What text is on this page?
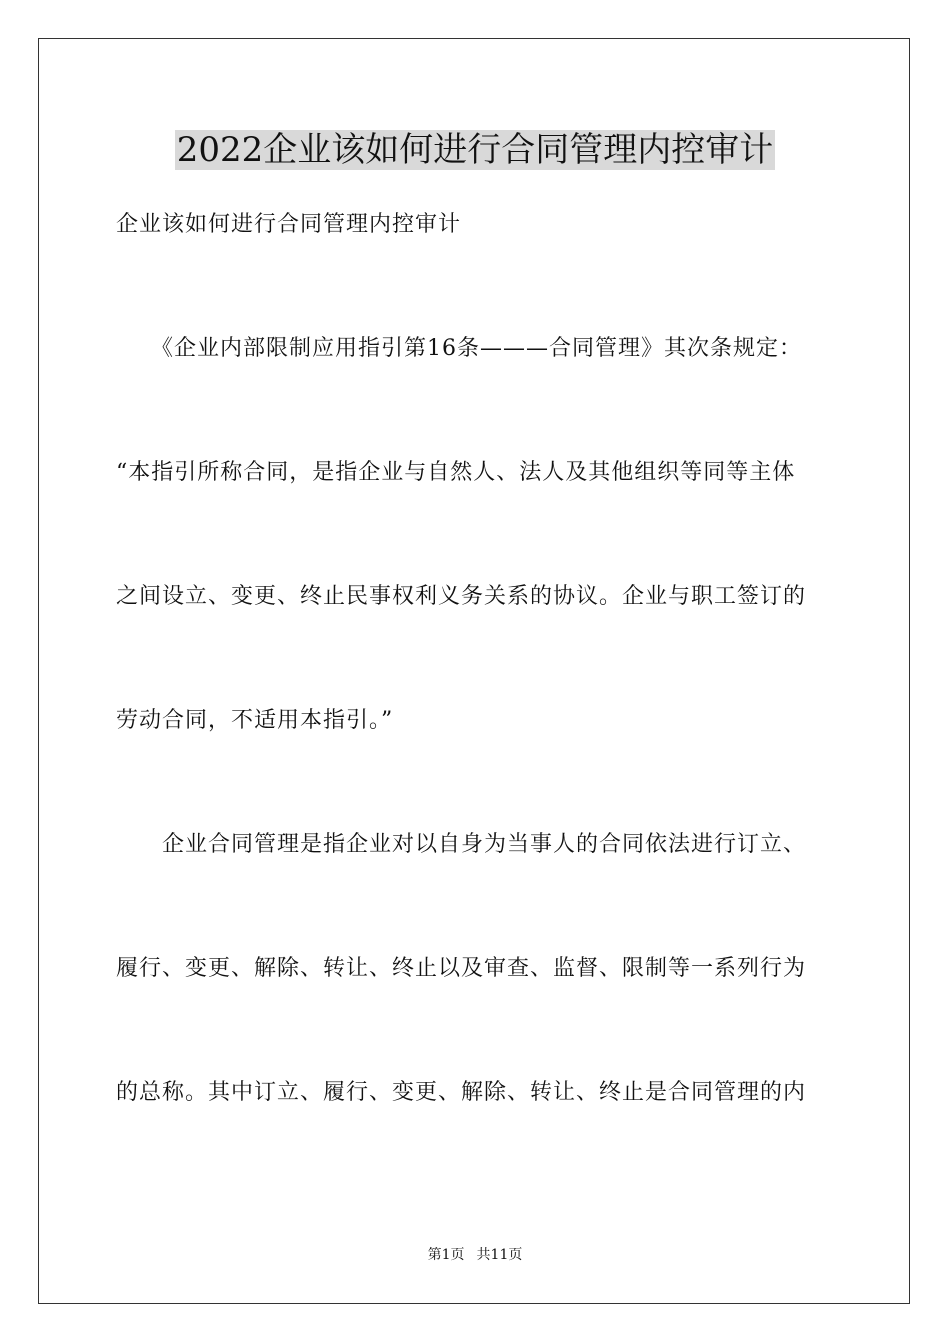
2022企业该如何进行合同管理内控审计

企业该如何进行合同管理内控审计

　　《企业内部限制应用指引第16条———合同管理》其次条规定：

“本指引所称合同，是指企业与自然人、法人及其他组织等同等主体

之间设立、变更、终止民事权利义务关系的协议。企业与职工签订的

劳动合同，不适用本指引。”

　　企业合同管理是指企业对以自身为当事人的合同依法进行订立、

履行、变更、解除、转让、终止以及审查、监督、限制等一系列行为

的总称。其中订立、履行、变更、解除、转让、终止是合同管理的内

第1页 共11页
